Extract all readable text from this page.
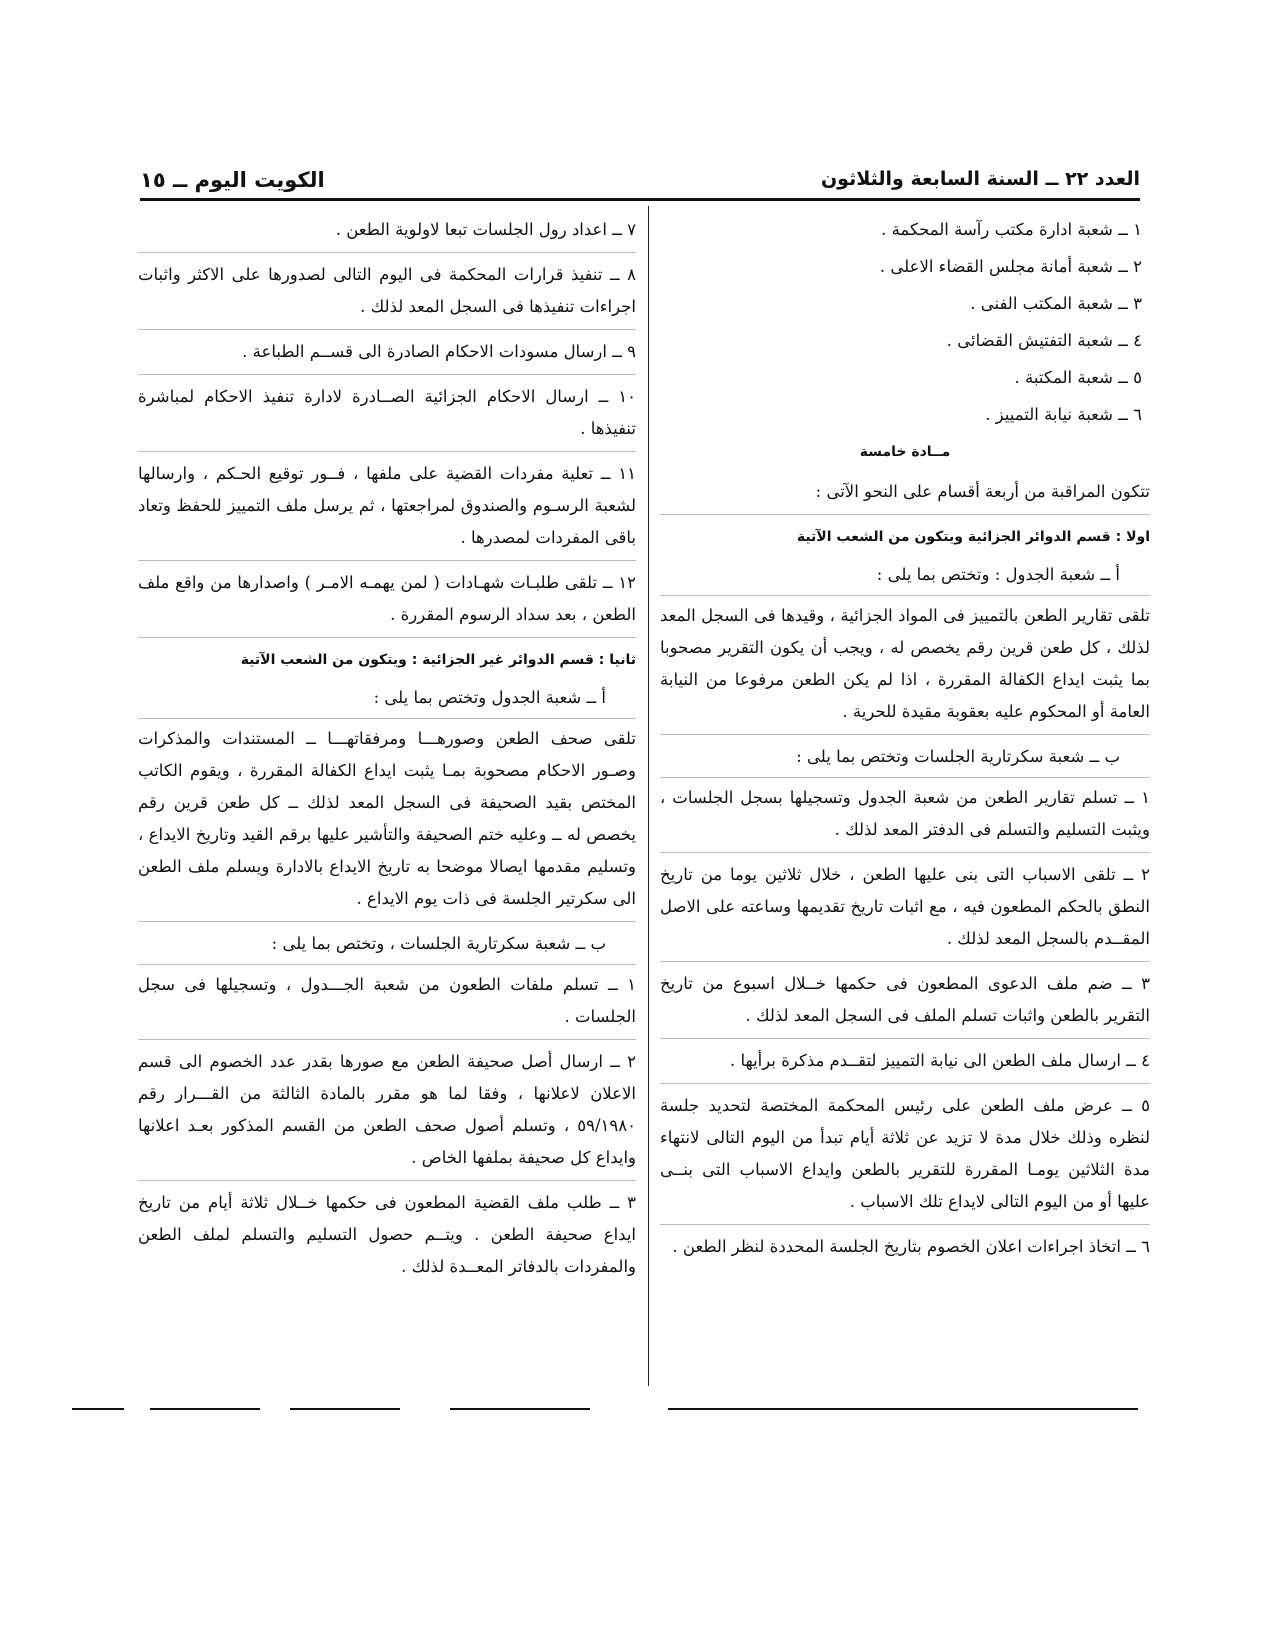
العدد ٢٢ ــ السنة السابعة والثلاثون
الكويت اليوم ــ ١٥
١ ــ شعبة ادارة مكتب رآسة المحكمة .
٢ ــ شعبة أمانة مجلس القضاء الاعلى .
٣ ــ شعبة المكتب الفنى .
٤ ــ شعبة التفتيش القضائى .
٥ ــ شعبة المكتبة .
٦ ــ شعبة نيابة التمييز .
مــادة خامسة
تتكون المراقبة من أربعة أقسام على النحو الآتى :
اولا : قسم الدوائر الجزائية ويتكون من الشعب الآتية
أ ــ شعبة الجدول : وتختص بما يلى :
تلقى تقارير الطعن بالتمييز فى المواد الجزائية ، وقيدها فى السجل المعد لذلك ، كل طعن قرين رقم يخصص له ، ويجب أن يكون التقرير مصحوبا بما يثبت ايداع الكفالة المقررة ، اذا لم يكن الطعن مرفوعا من النيابة العامة أو المحكوم عليه بعقوبة مقيدة للحرية .
ب ــ شعبة سكرتارية الجلسات وتختص بما يلى :
١ ــ تسلم تقارير الطعن من شعبة الجدول وتسجيلها بسجل الجلسات ، ويثبت التسليم والتسلم فى الدفتر المعد لذلك .
٢ ــ تلقى الاسباب التى بنى عليها الطعن ، خلال ثلاثين يوما من تاريخ النطق بالحكم المطعون فيه ، مع اثبات تاريخ تقديمها وساعته على الاصل المقــدم بالسجل المعد لذلك .
٣ ــ ضم ملف الدعوى المطعون فى حكمها خــلال اسبوع من تاريخ التقرير بالطعن واثبات تسلم الملف فى السجل المعد لذلك .
٤ ــ ارسال ملف الطعن الى نيابة التمييز لتقــدم مذكرة برأيها .
٥ ــ عرض ملف الطعن على رئيس المحكمة المختصة لتحديد جلسة لنظره وذلك خلال مدة لا تزيد عن ثلاثة أيام تبدأ من اليوم التالى لانتهاء مدة الثلاثين يومـا المقررة للتقرير بالطعن وايداع الاسباب التى بنــى عليها أو من اليوم التالى لايداع تلك الاسباب .
٦ ــ اتخاذ اجراءات اعلان الخصوم بتاريخ الجلسة المحددة لنظر الطعن .
٧ ــ اعداد رول الجلسات تبعا لاولوية الطعن .
٨ ــ تنفيذ قرارات المحكمة فى اليوم التالى لصدورها على الاكثر واثبات اجراءات تنفيذها فى السجل المعد لذلك .
٩ ــ ارسال مسودات الاحكام الصادرة الى قســم الطباعة .
١٠ ــ ارسال الاحكام الجزائية الصــادرة لادارة تنفيذ الاحكام لمباشرة تنفيذها .
١١ ــ تعلية مفردات القضية على ملفها ، فــور توقيع الحـكم ، وارسالها لشعبة الرسـوم والصندوق لمراجعتها ، ثم يرسل ملف التمييز للحفظ وتعاد باقى المفردات لمصدرها .
١٢ ــ تلقى طلبـات شهـادات ( لمن يهمـه الامـر ) واصدارها من واقع ملف الطعن ، بعد سداد الرسوم المقررة .
ثانيا : قسم الدوائر غير الجزائية : ويتكون من الشعب الآتية
أ ــ شعبة الجدول وتختص بما يلى :
تلقى صحف الطعن وصورهـــا ومرفقاتهـــا ــ المستندات والمذكرات وصـور الاحكام مصحوبة بمـا يثبت ايداع الكفالة المقررة ، ويقوم الكاتب المختص بقيد الصحيفة فى السجل المعد لذلك ــ كل طعن قرين رقم يخصص له ــ وعليه ختم الصحيفة والتأشير عليها برقم القيد وتاريخ الايداع ، وتسليم مقدمها ايصالا موضحا به تاريخ الايداع بالادارة ويسلم ملف الطعن الى سكرتير الجلسة فى ذات يوم الايداع .
ب ــ شعبة سكرتارية الجلسات ، وتختص بما يلى :
١ ــ تسلم ملفات الطعون من شعبة الجـــدول ، وتسجيلها فى سجل الجلسات .
٢ ــ ارسال أصل صحيفة الطعن مع صورها بقدر عدد الخصوم الى قسم الاعلان لاعلانها ، وفقا لما هو مقرر بالمادة الثالثة من القـــرار رقم ٥٩/١٩٨٠ ، وتسلم أصول صحف الطعن من القسم المذكور بعـد اعلانها وايداع كل صحيفة بملفها الخاص .
٣ ــ طلب ملف القضية المطعون فى حكمها خــلال ثلاثة أيام من تاريخ ايداع صحيفة الطعن . ويتــم حصول التسليم والتسلم لملف الطعن والمفردات بالدفاتر المعــدة لذلك .
